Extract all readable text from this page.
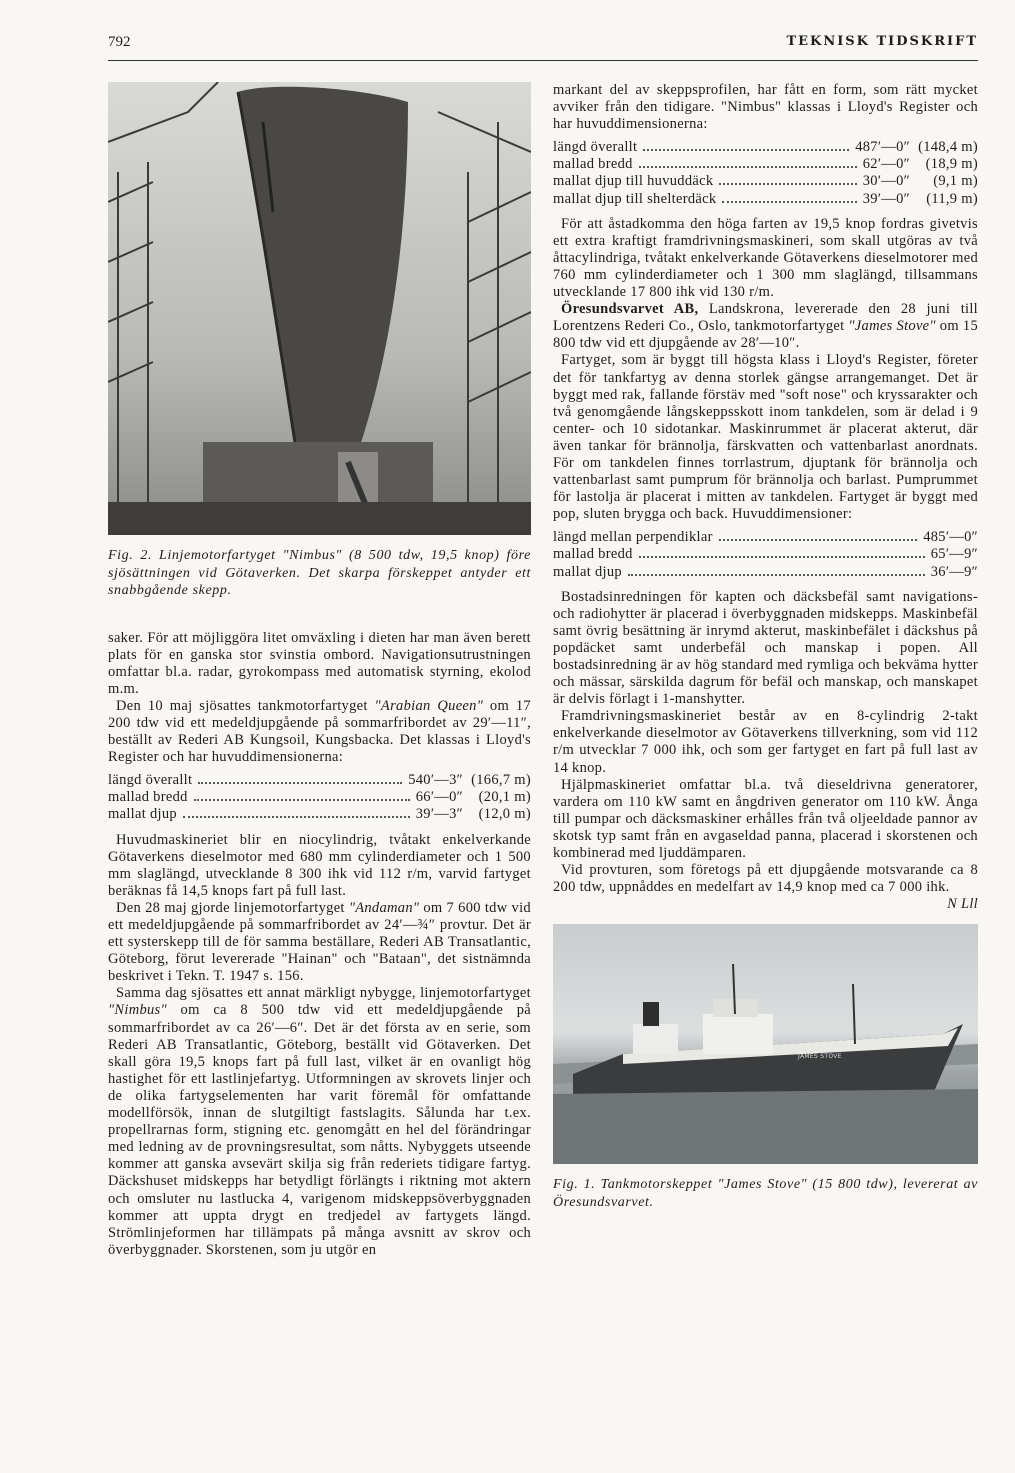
792	TEKNISK TIDSKRIFT
Fig. 2. Linjemotorfartyget "Nimbus" (8 500 tdw, 19,5 knop) före sjösättningen vid Götaverken. Det skarpa förskeppet antyder ett snabbgående skepp.

saker. För att möjliggöra litet omväxling i dieten har man även berett plats för en ganska stor svinstia ombord. Navigationsutrustningen omfattar bl.a. radar, gyrokompass med automatisk styrning, ekolod m.m.

Den 10 maj sjösattes tankmotorfartyget "Arabian Queen" om 17 200 tdw vid ett medeldjupgående på sommarfribordet av 29′—11″, beställt av Rederi AB Kungsoil, Kungsbacka. Det klassas i Lloyd's Register och har huvuddimensionerna:

längd överallt	540′—3″ (166,7 m)
mallad bredd	66′—0″	(20,1 m)
mallat djup	39′—3″	(12,0 m)

Huvudmaskineriet blir en niocylindrig, tvåtakt enkelverkande Götaverkens dieselmotor med 680 mm cylinderdiameter och 1 500 mm slaglängd, utvecklande 8 300 ihk vid 112 r/m, varvid fartyget beräknas få 14,5 knops fart på full last.

Den 28 maj gjorde linjemotorfartyget "Andaman" om 7 600 tdw vid ett medeldjupgående på sommarfribordet av 24′—¾″ provtur. Det är ett systerskepp till de för samma beställare, Rederi AB Transatlantic, Göteborg, förut levererade "Hainan" och "Bataan", det sistnämnda beskrivet i Tekn. T. 1947 s. 156.

Samma dag sjösattes ett annat märkligt nybygge, linjemotorfartyget "Nimbus" om ca 8 500 tdw vid ett medeldjupgående på sommarfribordet av ca 26′—6″. Det är det första av en serie, som Rederi AB Transatlantic, Göteborg, beställt vid Götaverken. Det skall göra 19,5 knops fart på full last, vilket är en ovanligt hög hastighet för ett lastlinjefartyg. Utformningen av skrovets linjer och de olika fartygselementen har varit föremål för omfattande modellförsök, innan de slutgiltigt fastslagits. Sålunda har t.ex. propellrarnas form, stigning etc. genomgått en hel del förändringar med ledning av de provningsresultat, som nåtts. Nybyggets utseende kommer att ganska avsevärt skilja sig från rederiets tidigare fartyg. Däckshuset midskepps har betydligt förlängts i riktning mot aktern och omsluter nu lastlucka 4, varigenom midskeppsöverbyggnaden kommer att uppta drygt en tredjedel av fartygets längd. Strömlinjeformen har tillämpats på många avsnitt av skrov och överbyggnader. Skorstenen, som ju utgör en

markant del av skeppsprofilen, har fått en form, som rätt mycket avviker från den tidigare. "Nimbus" klassas i Lloyd's Register och har huvuddimensionerna:

längd överallt	487′—0″ (148,4 m)
mallad bredd	62′—0″	(18,9 m)
mallat djup till huvuddäck	30′—0″	(9,1 m)
mallat djup till shelterdäck	39′—0″	(11,9 m)

För att åstadkomma den höga farten av 19,5 knop fordras givetvis ett extra kraftigt framdrivningsmaskineri, som skall utgöras av två åttacylindriga, tvåtakt enkelverkande Götaverkens dieselmotorer med 760 mm cylinderdiameter och 1 300 mm slaglängd, tillsammans utvecklande 17 800 ihk vid 130 r/m.

Öresundsvarvet AB, Landskrona, levererade den 28 juni till Lorentzens Rederi Co., Oslo, tankmotorfartyget "James Stove" om 15 800 tdw vid ett djupgående av 28′—10″.

Fartyget, som är byggt till högsta klass i Lloyd's Register, företer det för tankfartyg av denna storlek gängse arrangemanget. Det är byggt med rak, fallande förstäv med "soft nose" och kryssarakter och två genomgående långskeppsskott inom tankdelen, som är delad i 9 center- och 10 sidotankar. Maskinrummet är placerat akterut, där även tankar för brännolja, färskvatten och vattenbarlast anordnats. För om tankdelen finnes torrlastrum, djuptank för brännolja och vattenbarlast samt pumprum för brännolja och barlast. Pumprummet för lastolja är placerat i mitten av tankdelen. Fartyget är byggt med pop, sluten brygga och back. Huvuddimensioner:

längd mellan perpendiklar	485′—0″
mallad bredd	65′—9″
mallat djup	36′—9″

Bostadsinredningen för kapten och däcksbefäl samt navigations- och radiohytter är placerad i överbyggnaden midskepps. Maskinbefäl samt övrig besättning är inrymd akterut, maskinbefälet i däckshus på popdäcket samt underbefäl och manskap i popen. All bostadsinredning är av hög standard med rymliga och bekväma hytter och mässar, särskilda dagrum för befäl och manskap, och manskapet är delvis förlagt i 1-manshytter.

Framdrivningsmaskineriet består av en 8-cylindrig 2-takt enkelverkande dieselmotor av Götaverkens tillverkning, som vid 112 r/m utvecklar 7 000 ihk, och som ger fartyget en fart på full last av 14 knop.

Hjälpmaskineriet omfattar bl.a. två dieseldrivna generatorer, vardera om 110 kW samt en ångdriven generator om 110 kW. Ånga till pumpar och däcksmaskiner erhålles från två oljeeldade pannor av skotsk typ samt från en avgaseldad panna, placerad i skorstenen och kombinerad med ljuddämparen.

Vid provturen, som företogs på ett djupgående motsvarande ca 8 200 tdw, uppnåddes en medelfart av 14,9 knop med ca 7 000 ihk.
N Lll

JAMES STOVE
Fig. 1. Tankmotorskeppet "James Stove" (15 800 tdw), levererat av Öresundsvarvet.
